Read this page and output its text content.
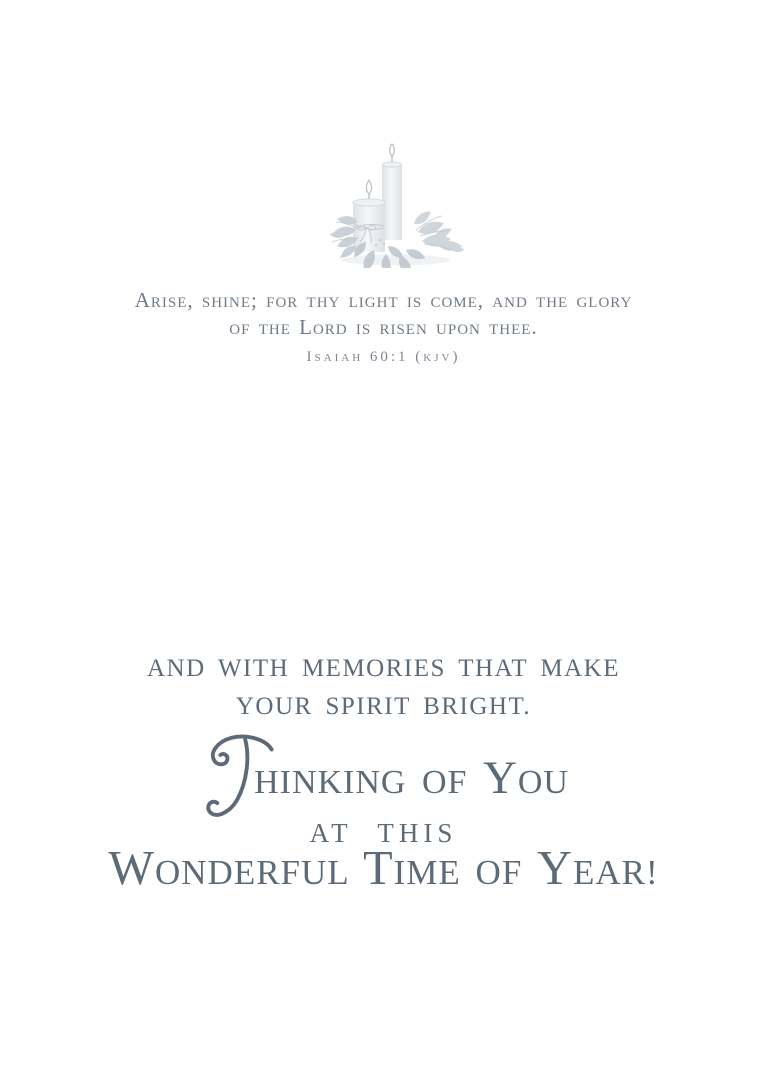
Arise, shine; for thy light is come, and the glory
of the Lord is risen upon thee.
Isaiah 60:1 (kjv)
AND WITH MEMORIES THAT MAKE
YOUR SPIRIT BRIGHT.
HINKING OF YOU
AT THIS
WONDERFUL TIME OF YEAR!
